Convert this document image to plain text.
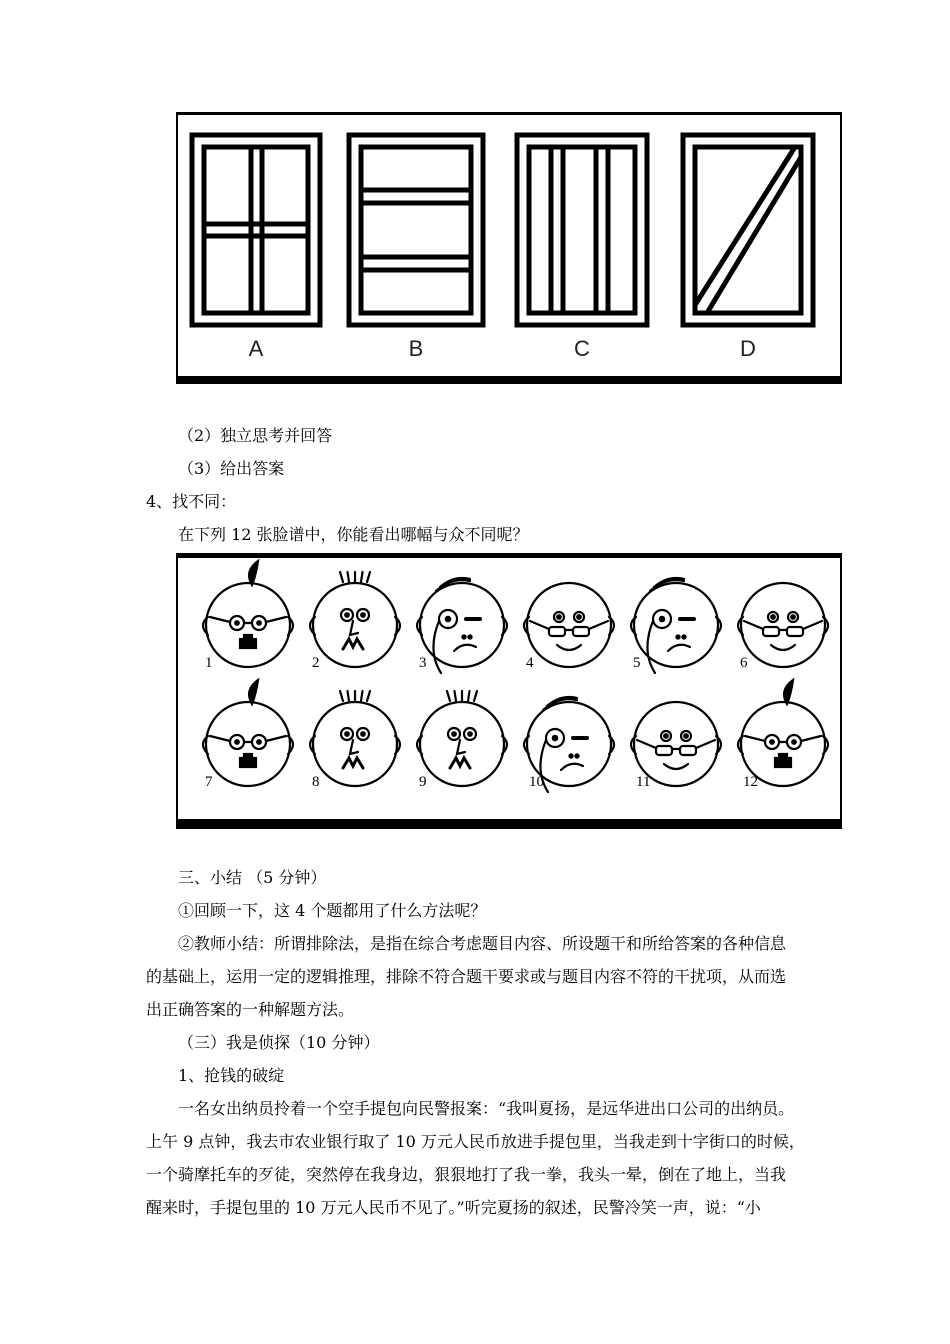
A	B	C	D
（2）独立思考并回答
（3）给出答案
4、找不同：
在下列 12 张脸谱中，你能看出哪幅与众不同呢？
1	2	3	4	5	6
7	8	9	10	11	12
三、小结 （5 分钟）
①回顾一下，这 4 个题都用了什么方法呢？
②教师小结：所谓排除法，是指在综合考虑题目内容、所设题干和所给答案的各种信息
的基础上，运用一定的逻辑推理，排除不符合题干要求或与题目内容不符的干扰项，从而选
出正确答案的一种解题方法。
（三）我是侦探（10 分钟）
1、抢钱的破绽
一名女出纳员拎着一个空手提包向民警报案：“我叫夏扬，是远华进出口公司的出纳员。
上午 9 点钟，我去市农业银行取了 10 万元人民币放进手提包里，当我走到十字街口的时候，
一个骑摩托车的歹徒，突然停在我身边，狠狠地打了我一拳，我头一晕，倒在了地上，当我
醒来时，手提包里的 10 万元人民币不见了。”听完夏扬的叙述，民警冷笑一声，说：“小
